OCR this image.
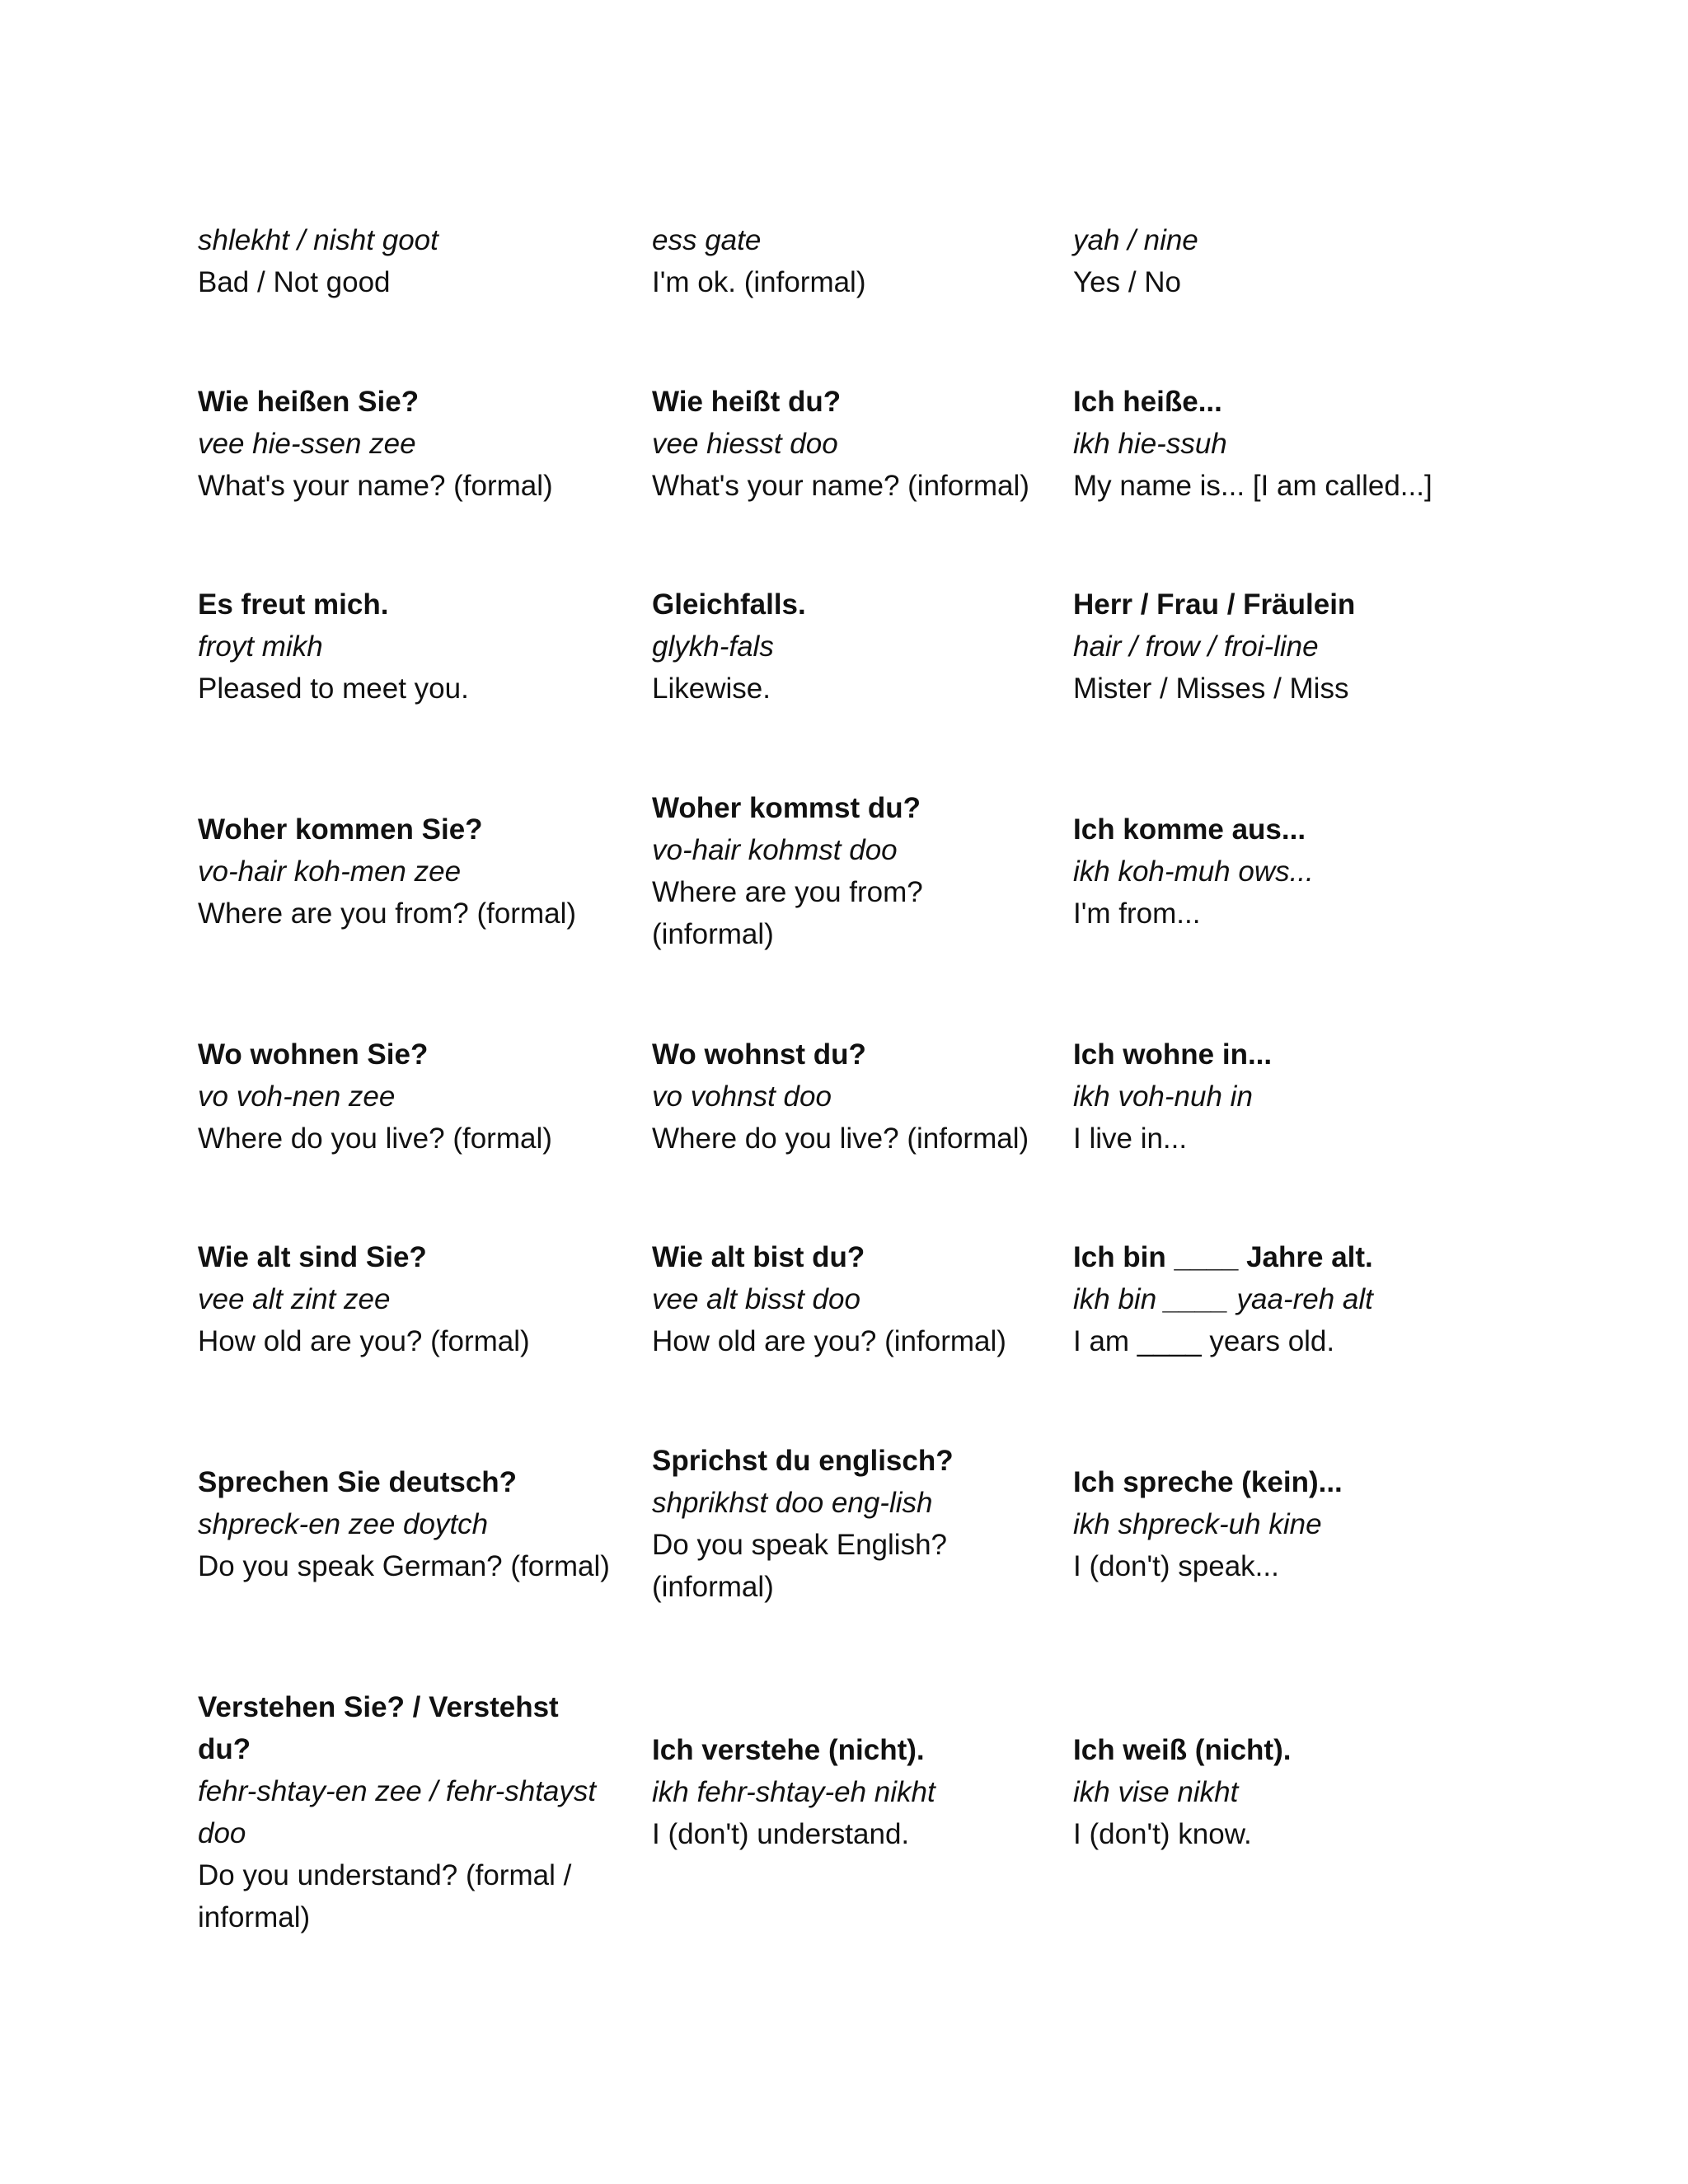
shlekht / nisht goot
Bad / Not good
ess gate
I'm ok. (informal)
yah / nine
Yes / No
Wie heißen Sie?
vee hie-ssen zee
What's your name? (formal)
Wie heißt du?
vee hiesst doo
What's your name? (informal)
Ich heiße...
ikh hie-ssuh
My name is... [I am called...]
Es freut mich.
froyt mikh
Pleased to meet you.
Gleichfalls.
glykh-fals
Likewise.
Herr / Frau / Fräulein
hair / frow / froi-line
Mister / Misses / Miss
Woher kommen Sie?
vo-hair koh-men zee
Where are you from? (formal)
Woher kommst du?
vo-hair kohmst doo
Where are you from? (informal)
Ich komme aus...
ikh koh-muh ows...
I'm from...
Wo wohnen Sie?
vo voh-nen zee
Where do you live? (formal)
Wo wohnst du?
vo vohnst doo
Where do you live? (informal)
Ich wohne in...
ikh voh-nuh in
I live in...
Wie alt sind Sie?
vee alt zint zee
How old are you? (formal)
Wie alt bist du?
vee alt bisst doo
How old are you? (informal)
Ich bin ____ Jahre alt.
ikh bin ____ yaa-reh alt
I am ____ years old.
Sprechen Sie deutsch?
shpreck-en zee doytch
Do you speak German? (formal)
Sprichst du englisch?
shprikhst doo eng-lish
Do you speak English? (informal)
Ich spreche (kein)...
ikh shpreck-uh kine
I (don't) speak...
Verstehen Sie? / Verstehst du?
fehr-shtay-en zee / fehr-shtayst doo
Do you understand? (formal / informal)
Ich verstehe (nicht).
ikh fehr-shtay-eh nikht
I (don't) understand.
Ich weiß (nicht).
ikh vise nikht
I (don't) know.
